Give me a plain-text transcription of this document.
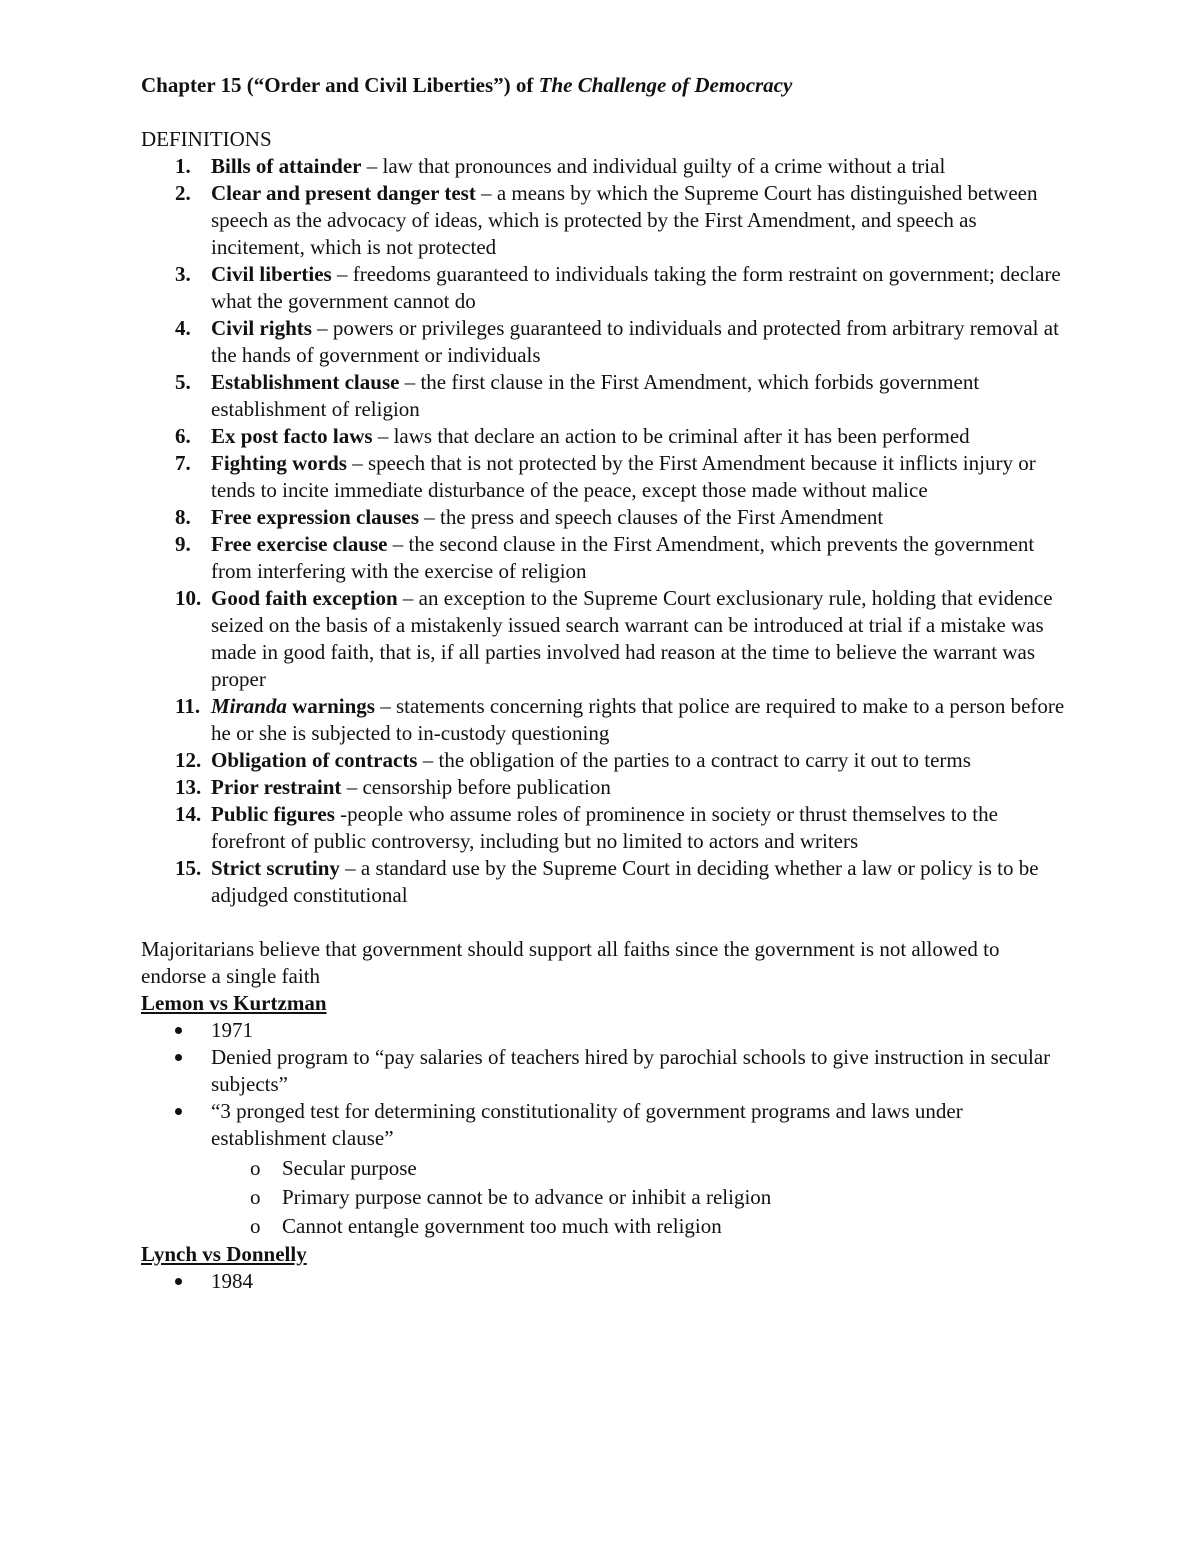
Chapter 15 (“Order and Civil Liberties”) of The Challenge of Democracy

DEFINITIONS

Bills of attainder – law that pronounces and individual guilty of a crime without a trial
Clear and present danger test – a means by which the Supreme Court has distinguished between speech as the advocacy of ideas, which is protected by the First Amendment, and speech as incitement, which is not protected
Civil liberties – freedoms guaranteed to individuals taking the form restraint on government; declare what the government cannot do
Civil rights – powers or privileges guaranteed to individuals and protected from arbitrary removal at the hands of government or individuals
Establishment clause – the first clause in the First Amendment, which forbids government establishment of religion
Ex post facto laws – laws that declare an action to be criminal after it has been performed
Fighting words – speech that is not protected by the First Amendment because it inflicts injury or tends to incite immediate disturbance of the peace, except those made without malice
Free expression clauses – the press and speech clauses of the First Amendment
Free exercise clause – the second clause in the First Amendment, which prevents the government from interfering with the exercise of religion
Good faith exception – an exception to the Supreme Court exclusionary rule, holding that evidence seized on the basis of a mistakenly issued search warrant can be introduced at trial if a mistake was made in good faith, that is, if all parties involved had reason at the time to believe the warrant was proper
Miranda warnings – statements concerning rights that police are required to make to a person before he or she is subjected to in-custody questioning
Obligation of contracts – the obligation of the parties to a contract to carry it out to terms
Prior restraint – censorship before publication
Public figures -people who assume roles of prominence in society or thrust themselves to the forefront of public controversy, including but no limited to actors and writers
Strict scrutiny – a standard use by the Supreme Court in deciding whether a law or policy is to be adjudged constitutional

Majoritarians believe that government should support all faiths since the government is not allowed to endorse a single faith

Lemon vs Kurtzman

1971
Denied program to “pay salaries of teachers hired by parochial schools to give instruction in secular subjects”
“3 pronged test for determining constitutionality of government programs and laws under establishment clause”
o Secular purpose
o Primary purpose cannot be to advance or inhibit a religion
o Cannot entangle government too much with religion

Lynch vs Donnelly

1984
